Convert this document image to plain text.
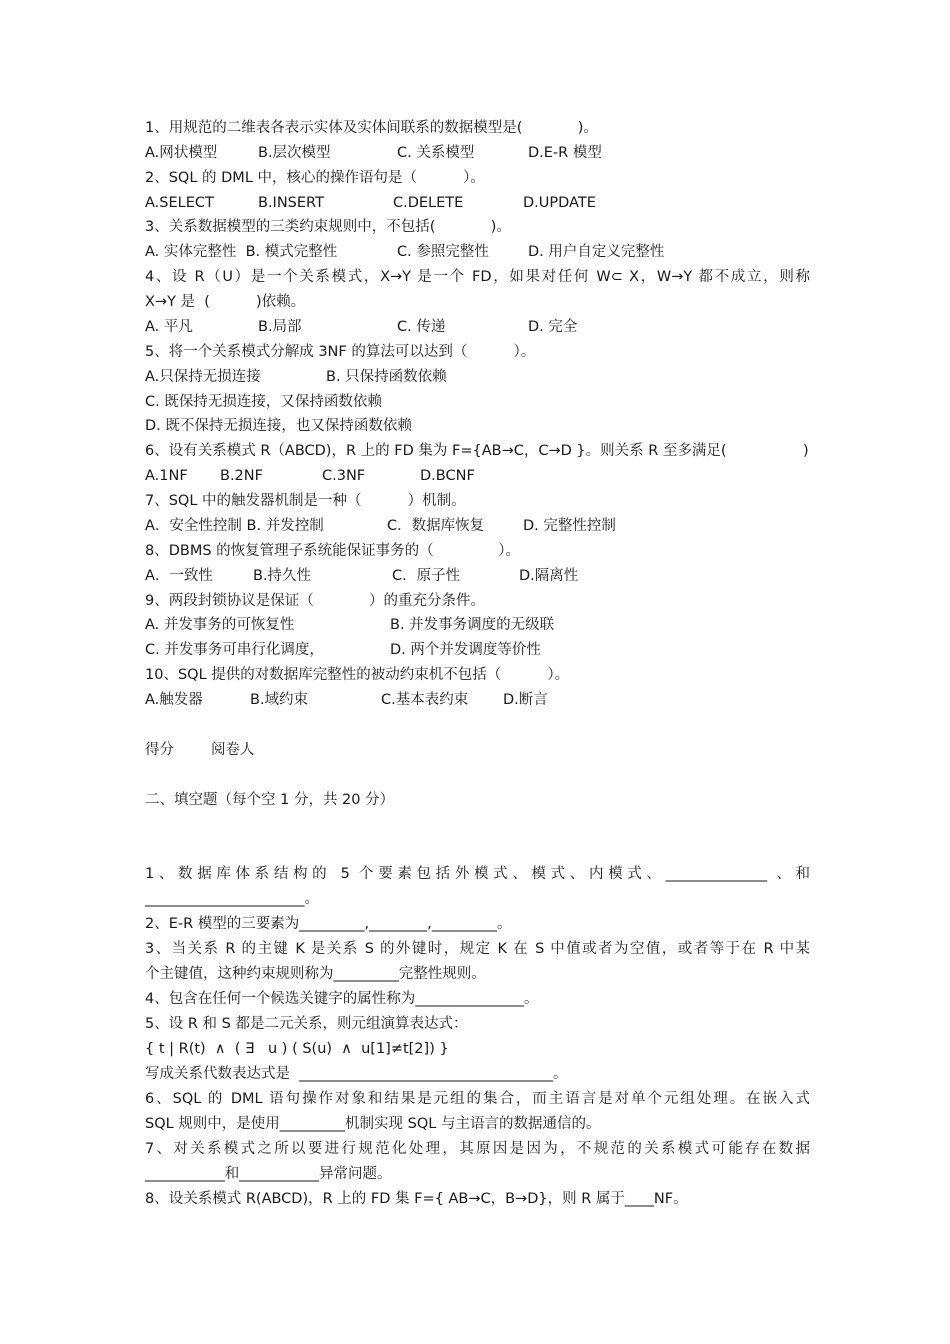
1、用规范的二维表各表示实体及实体间联系的数据模型是(            )。

A.网状模型

	B.层次模型

	C. 关系模型

	D.E-R 模型

2、SQL 的 DML 中，核心的操作语句是（          ）。

A.SELECT

	B.INSERT

	C.DELETE

	D.UPDATE

3、关系数据模型的三类约束规则中，不包括(            )。

A. 实体完整性  B. 模式完整性

	C. 参照完整性

	D. 用户自定义完整性

4、设 R（U）是一个关系模式，X→Y 是一个 FD，如果对任何 W⊂ X，W→Y 都不成立，则称
X→Y 是  (          )依赖。

A. 平凡

	B.局部

	C. 传递

	D. 完全

5、将一个关系模式分解成 3NF 的算法可以达到（          ）。

A.只保持无损连接

	B. 只保持函数依赖

C. 既保持无损连接，又保持函数依赖
D. 既不保持无损连接，也又保持函数依赖

6、设有关系模式 R（ABCD)，R 上的 FD 集为 F={AB→C，C→D }。则关系 R 至多满足(

	)

A.1NF

B.2NF

	C.3NF

	D.BCNF

7、SQL 中的触发器机制是一种（          ）机制。

A．安全性控制 B. 并发控制

	C．数据库恢复

	D. 完整性控制

8、DBMS 的恢复管理子系统能保证事务的（              ）。

A．一致性

	B.持久性

	C．原子性

	D.隔离性

9、两段封锁协议是保证（            ）的重充分条件。

A. 并发事务的可恢复性

	B. 并发事务调度的无级联

C. 并发事务可串行化调度，

	D. 两个并发调度等价性

10、SQL 提供的对数据库完整性的被动约束机不包括（          ）。

A.触发器

	B.域约束

	C.基本表约束

D.断言

得分

	阅卷人

二、填空题（每个空 1 分，共 20 分）
1、数据库体系结构的 5 个要素包括外模式、模式、内模式、______________ 、和
______________________。
2、E-R 模型的三要素为_________,________,_________。
3、当关系 R 的主键 K 是关系 S 的外键时，规定 K 在 S 中值或者为空值，或者等于在 R 中某
个主键值，这种约束规则称为_________完整性规则。
4、包含在任何一个候选关键字的属性称为_______________。
5、设 R 和 S 都是二元关系，则元组演算表达式：
{ t | R(t)  ∧  ( ∃   u ) ( S(u)  ∧  u[1]≠t[2]) }
写成关系代数表达式是  ___________________________________。
6、SQL 的 DML 语句操作对象和结果是元组的集合，而主语言是对单个元组处理。在嵌入式
SQL 规则中，是使用_________机制实现 SQL 与主语言的数据通信的。
7、对关系模式之所以要进行规范化处理，其原因是因为，不规范的关系模式可能存在数据
___________和___________异常问题。
8、设关系模式 R(ABCD)，R 上的 FD 集 F={ AB→C，B→D}，则 R 属于____NF。
